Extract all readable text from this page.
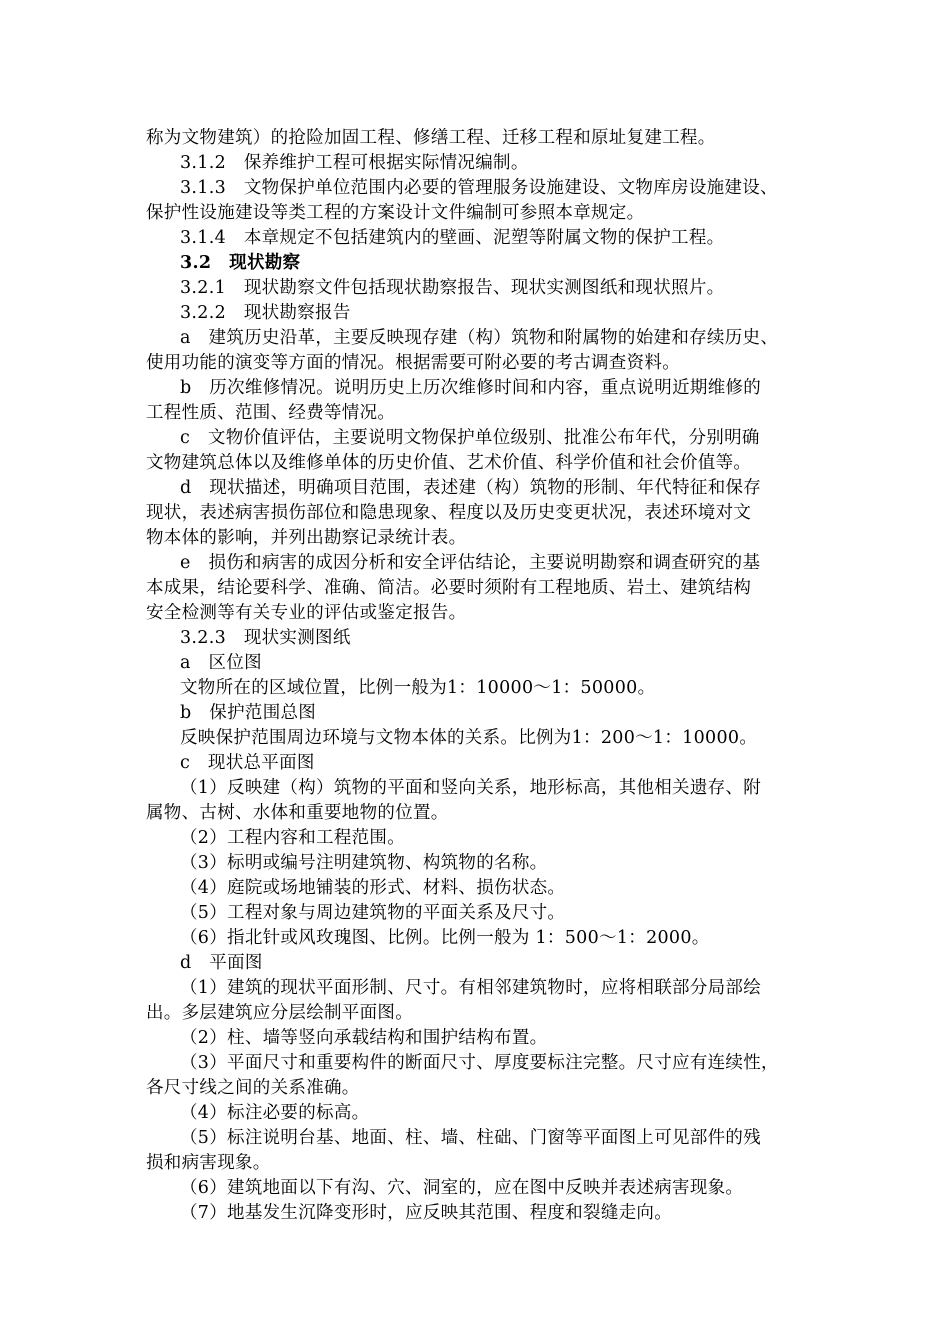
称为文物建筑）的抢险加固工程、修缮工程、迁移工程和原址复建工程。
3.1.2　保养维护工程可根据实际情况编制。
3.1.3　文物保护单位范围内必要的管理服务设施建设、文物库房设施建设、
保护性设施建设等类工程的方案设计文件编制可参照本章规定。
3.1.4　本章规定不包括建筑内的壁画、泥塑等附属文物的保护工程。
3.2　现状勘察
3.2.1　现状勘察文件包括现状勘察报告、现状实测图纸和现状照片。
3.2.2　现状勘察报告
a　建筑历史沿革，主要反映现存建（构）筑物和附属物的始建和存续历史、
使用功能的演变等方面的情况。根据需要可附必要的考古调查资料。
b　历次维修情况。说明历史上历次维修时间和内容，重点说明近期维修的
工程性质、范围、经费等情况。
c　文物价值评估，主要说明文物保护单位级别、批准公布年代，分别明确
文物建筑总体以及维修单体的历史价值、艺术价值、科学价值和社会价值等。
d　现状描述，明确项目范围，表述建（构）筑物的形制、年代特征和保存
现状，表述病害损伤部位和隐患现象、程度以及历史变更状况，表述环境对文
物本体的影响，并列出勘察记录统计表。
e　损伤和病害的成因分析和安全评估结论，主要说明勘察和调查研究的基
本成果，结论要科学、准确、简洁。必要时须附有工程地质、岩土、建筑结构
安全检测等有关专业的评估或鉴定报告。
3.2.3　现状实测图纸
a　区位图
文物所在的区域位置，比例一般为1：10000～1：50000。
b　保护范围总图
反映保护范围周边环境与文物本体的关系。比例为1：200～1：10000。
c　现状总平面图
（1）反映建（构）筑物的平面和竖向关系，地形标高，其他相关遗存、附
属物、古树、水体和重要地物的位置。
（2）工程内容和工程范围。
（3）标明或编号注明建筑物、构筑物的名称。
（4）庭院或场地铺装的形式、材料、损伤状态。
（5）工程对象与周边建筑物的平面关系及尺寸。
（6）指北针或风玫瑰图、比例。比例一般为 1：500～1：2000。
d　平面图
（1）建筑的现状平面形制、尺寸。有相邻建筑物时，应将相联部分局部绘
出。多层建筑应分层绘制平面图。
（2）柱、墙等竖向承载结构和围护结构布置。
（3）平面尺寸和重要构件的断面尺寸、厚度要标注完整。尺寸应有连续性，
各尺寸线之间的关系准确。
（4）标注必要的标高。
（5）标注说明台基、地面、柱、墙、柱础、门窗等平面图上可见部件的残
损和病害现象。
（6）建筑地面以下有沟、穴、洞室的，应在图中反映并表述病害现象。
（7）地基发生沉降变形时，应反映其范围、程度和裂缝走向。
